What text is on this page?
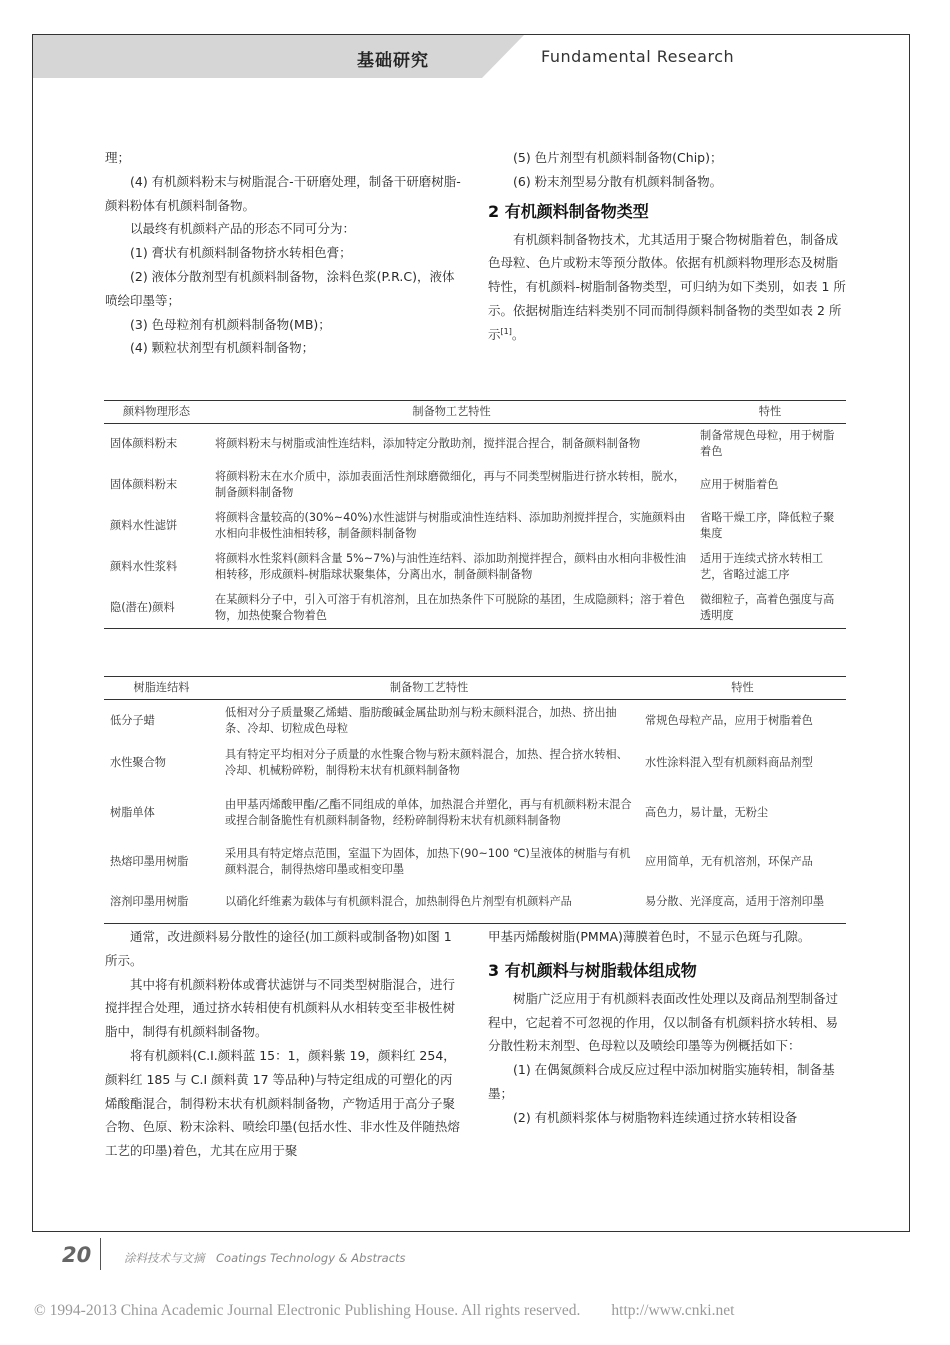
基础研究	Fundamental Research

理；

(4) 有机颜料粉末与树脂混合-干研磨处理，制备干研磨树脂-颜料粉体有机颜料制备物。

以最终有机颜料产品的形态不同可分为：

(1) 膏状有机颜料制备物挤水转相色膏；

(2) 液体分散剂型有机颜料制备物，涂料色浆(P.R.C)，液体喷绘印墨等；

(3) 色母粒剂有机颜料制备物(MB)；

(4) 颗粒状剂型有机颜料制备物；

(5) 色片剂型有机颜料制备物(Chip)；

(6) 粉末剂型易分散有机颜料制备物。

2 有机颜料制备物类型

有机颜料制备物技术，尤其适用于聚合物树脂着色，制备成色母粒、色片或粉末等预分散体。依据有机颜料物理形态及树脂特性，有机颜料-树脂制备物类型，可归纳为如下类别，如表 1 所示。依据树脂连结料类别不同而制得颜料制备物的类型如表 2 所示[1]。

颜料物理形态	制备物工艺特性	特性
固体颜料粉末	将颜料粉末与树脂或油性连结料，添加特定分散助剂，搅拌混合捏合，制备颜料制备物	制备常规色母粒，用于树脂着色
固体颜料粉末	将颜料粉末在水介质中，添加表面活性剂球磨微细化，再与不同类型树脂进行挤水转相，脱水，制备颜料制备物	应用于树脂着色
颜料水性滤饼	将颜料含量较高的(30%~40%)水性滤饼与树脂或油性连结料、添加助剂搅拌捏合，实施颜料由水相向非极性油相转移，制备颜料制备物	省略干燥工序，降低粒子聚集度
颜料水性浆料	将颜料水性浆料(颜料含量 5%~7%)与油性连结料、添加助剂搅拌捏合，颜料由水相向非极性油相转移，形成颜料-树脂球状聚集体，分离出水，制备颜料制备物	适用于连续式挤水转相工艺，省略过滤工序
隐(潜在)颜料	在某颜料分子中，引入可溶于有机溶剂，且在加热条件下可脱除的基团，生成隐颜料；溶于着色物，加热使聚合物着色	微细粒子，高着色强度与高透明度
树脂连结料	制备物工艺特性	特性
低分子蜡	低相对分子质量聚乙烯蜡、脂肪酸碱金属盐助剂与粉末颜料混合，加热、挤出抽条、冷却、切粒成色母粒	常规色母粒产品，应用于树脂着色
水性聚合物	具有特定平均相对分子质量的水性聚合物与粉末颜料混合，加热、捏合挤水转相、冷却、机械粉碎粉，制得粉末状有机颜料制备物	水性涂料混入型有机颜料商品剂型
树脂单体	由甲基丙烯酸甲酯/乙酯不同组成的单体，加热混合并塑化，再与有机颜料粉末混合或捏合制备脆性有机颜料制备物，经粉碎制得粉末状有机颜料制备物	高色力，易计量，无粉尘
热熔印墨用树脂	采用具有特定熔点范围，室温下为固体，加热下(90~100 ℃)呈液体的树脂与有机颜料混合，制得热熔印墨或相变印墨	应用简单，无有机溶剂，环保产品
溶剂印墨用树脂	以硝化纤维素为载体与有机颜料混合，加热制得色片剂型有机颜料产品	易分散、光泽度高，适用于溶剂印墨

通常，改进颜料易分散性的途径(加工颜料或制备物)如图 1 所示。

其中将有机颜料粉体或膏状滤饼与不同类型树脂混合，进行搅拌捏合处理，通过挤水转相使有机颜料从水相转变至非极性树脂中，制得有机颜料制备物。

将有机颜料(C.I.颜料蓝 15：1，颜料紫 19，颜料红 254，颜料红 185 与 C.I 颜料黄 17 等品种)与特定组成的可塑化的丙烯酸酯混合，制得粉末状有机颜料制备物，产物适用于高分子聚合物、色原、粉末涂料、喷绘印墨(包括水性、非水性及伴随热熔工艺的印墨)着色，尤其在应用于聚

甲基丙烯酸树脂(PMMA)薄膜着色时，不显示色斑与孔隙。

3 有机颜料与树脂载体组成物

树脂广泛应用于有机颜料表面改性处理以及商品剂型制备过程中，它起着不可忽视的作用，仅以制备有机颜料挤水转相、易分散性粉末剂型、色母粒以及喷绘印墨等为例概括如下：

(1) 在偶氮颜料合成反应过程中添加树脂实施转相，制备基墨；

(2) 有机颜料浆体与树脂物料连续通过挤水转相设备

20	涂料技术与文摘　Coatings Technology & Abstracts
© 1994-2013 China Academic Journal Electronic Publishing House. All rights reserved.　　http://www.cnki.net
